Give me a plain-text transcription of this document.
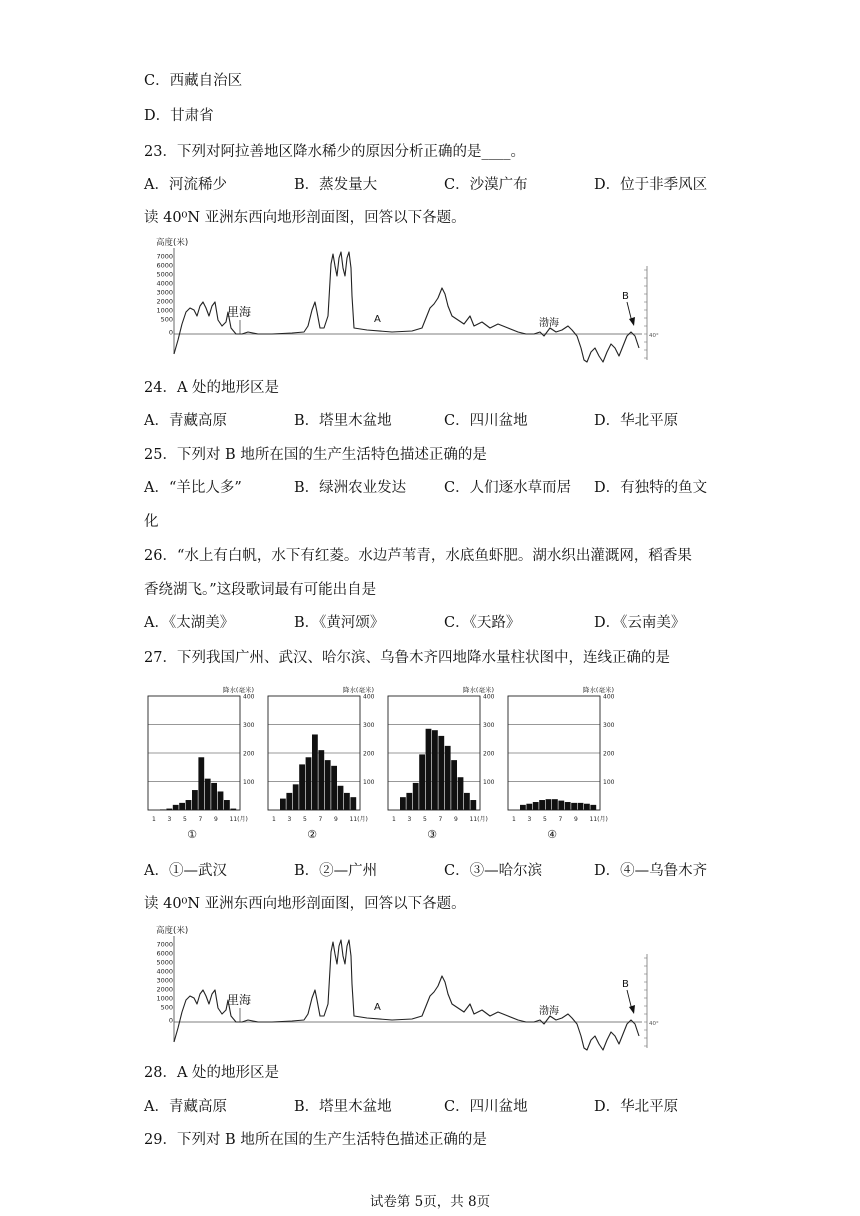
C．西藏自治区
D．甘肃省
23．下列对阿拉善地区降水稀少的原因分析正确的是____。
A．河流稀少	B．蒸发量大	C．沙漠广布	D．位于非季风区
读 40⁰N 亚洲东西向地形剖面图，回答以下各题。
7000
6000
5000
4000
3000
2000
1000
500
0
高度(米)
40°
里海
A	渤海
B
24．A 处的地形区是
A．青藏高原	B．塔里木盆地	C．四川盆地	D．华北平原
25．下列对 B 地所在国的生产生活特色描述正确的是
A．“羊比人多”	B．绿洲农业发达	C．人们逐水草而居 D．有独特的鱼文
化
26．“水上有白帆，水下有红菱。水边芦苇青，水底鱼虾肥。湖水织出灌溉网，稻香果
香绕湖飞。”这段歌词最有可能出自是
A．《太湖美》	B．《黄河颂》	C．《天路》	D．《云南美》
27．下列我国广州、武汉、哈尔滨、乌鲁木齐四地降水量柱状图中，连线正确的是
400
300
200
100
降水(毫米)
1 3 5 7 9 11(月)
①
400
300
200
100
降水(毫米)
1 3 5 7 9 11(月)
②
400
300
200
100
降水(毫米)
1 3 5 7 9 11(月)
③
400
300
200
100
降水(毫米)
1 3 5 7 9 11(月)
④
A．①—武汉	B．②—广州	C．③—哈尔滨	D．④—乌鲁木齐
读 40⁰N 亚洲东西向地形剖面图，回答以下各题。
7000
6000
5000
4000
3000
2000
1000
500
0
高度(米)
40°
里海
A	渤海
B
28．A 处的地形区是
A．青藏高原	B．塔里木盆地	C．四川盆地	D．华北平原
29．下列对 B 地所在国的生产生活特色描述正确的是
试卷第 5页，共 8页
